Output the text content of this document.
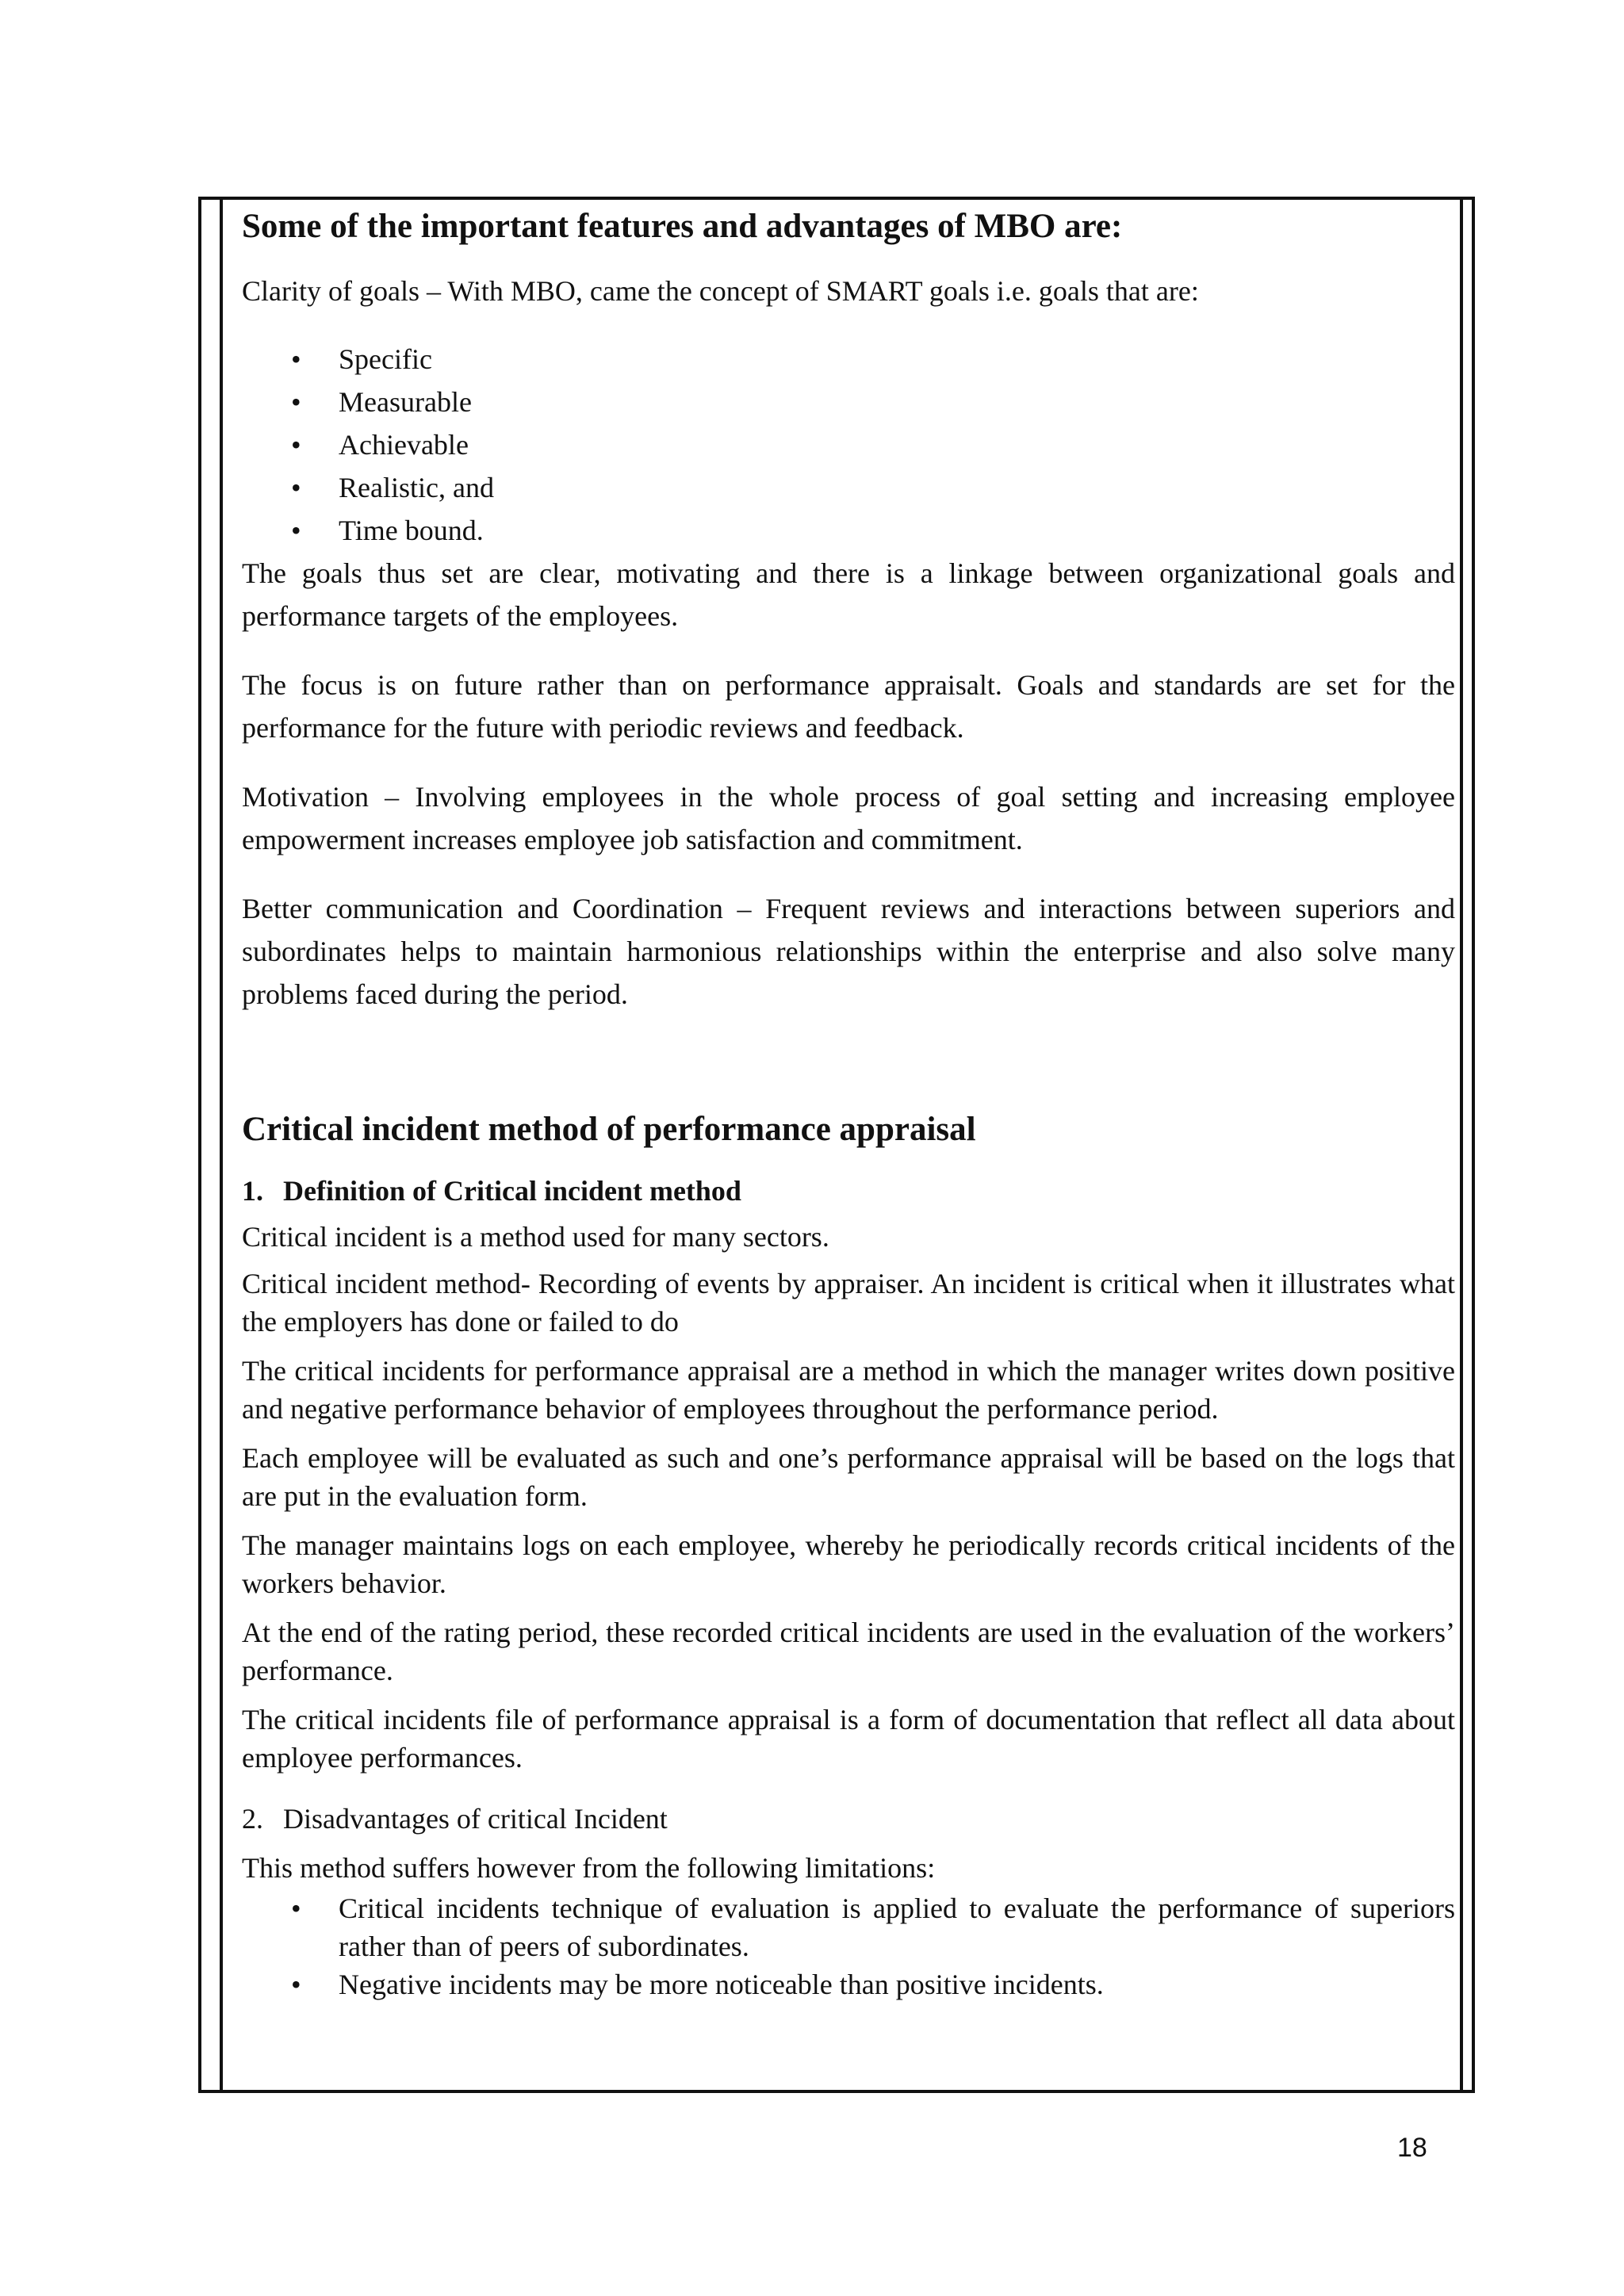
Some of the important features and advantages of MBO are:

Clarity of goals – With MBO, came the concept of SMART goals i.e. goals that are:

• Specific
• Measurable
• Achievable
• Realistic, and
• Time bound.

The goals thus set are clear, motivating and there is a linkage between organizational goals and performance targets of the employees.

The focus is on future rather than on performance appraisalt. Goals and standards are set for the performance for the future with periodic reviews and feedback.

Motivation – Involving employees in the whole process of goal setting and increasing employee empowerment increases employee job satisfaction and commitment.

Better communication and Coordination – Frequent reviews and interactions between superiors and subordinates helps to maintain harmonious relationships within the enterprise and also solve many problems faced during the period.

Critical incident method of performance appraisal

1. Definition of Critical incident method

Critical incident is a method used for many sectors.

Critical incident method- Recording of events by appraiser. An incident is critical when it illustrates what the employers has done or failed to do

The critical incidents for performance appraisal are a method in which the manager writes down positive and negative performance behavior of employees throughout the performance period.

Each employee will be evaluated as such and one’s performance appraisal will be based on the logs that are put in the evaluation form.

The manager maintains logs on each employee, whereby he periodically records critical incidents of the workers behavior.

At the end of the rating period, these recorded critical incidents are used in the evaluation of the workers’ performance.

The critical incidents file of performance appraisal is a form of documentation that reflect all data about employee performances.

2. Disadvantages of critical Incident

This method suffers however from the following limitations:

• Critical incidents technique of evaluation is applied to evaluate the performance of superiors rather than of peers of subordinates.
• Negative incidents may be more noticeable than positive incidents.
18
